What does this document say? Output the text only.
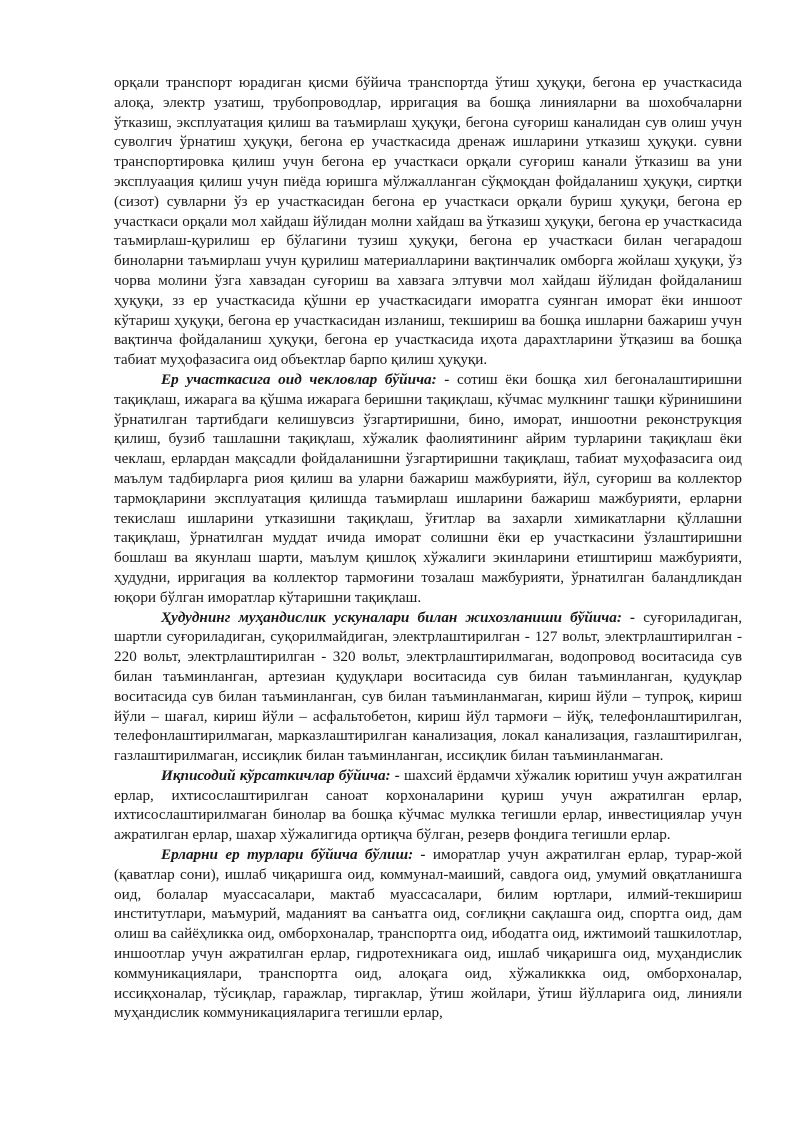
орқали транспорт юрадиган қисми бўйича транспортда ўтиш ҳуқуқи, бегона ер участкасида алоқа, электр узатиш, трубопроводлар, ирригация ва бошқа линияларни ва шохобчаларни ўтказиш, эксплуатация қилиш ва таъмирлаш ҳуқуқи, бегона суғориш каналидан сув олиш учун суволгич ўрнатиш ҳуқуқи, бегона ер участкасида дренаж ишларини утказиш ҳуқуқи. сувни транспортировка қилиш учун бегона ер участкаси орқали суғориш канали ўтказиш ва уни эксплуаация қилиш учун пиёда юришга мўлжалланган сўқмоқдан фойдаланиш ҳуқуқи, сиртқи (сизот) сувларни ўз ер участкасидан бегона ер участкаси орқали буриш ҳуқуқи, бегона ер участкаси орқали мол хайдаш йўлидан молни хайдаш ва ўтказиш ҳуқуқи, бегона ер участкасида таъмирлаш-қурилиш ер бўлагини тузиш ҳуқуқи, бегона ер участкаси билан чегарадош биноларни таъмирлаш учун қурилиш материалларини вақтинчалик омборга жойлаш ҳуқуқи, ўз чорва молини ўзга хавзадан суғориш ва хавзага элтувчи мол хайдаш йўлидан фойдаланиш ҳуқуқи, зз ер участкасида қўшни ер участкасидаги иморатга суянган иморат ёки иншоот кўтариш ҳуқуқи, бегона ер участкасидан изланиш, текшириш ва бошқа ишларни бажариш учун вақтинча фойдаланиш ҳуқуқи, бегона ер участкасида иҳота дарахтларини ўтқазиш ва бошқа табиат муҳофазасига оид объектлар барпо қилиш ҳуқуқи.

Ер участкасига оид чекловлар бўйича: - сотиш ёки бошқа хил бегоналаштиришни тақиқлаш, ижарага ва қўшма ижарага беришни тақиқлаш, кўчмас мулкнинг ташқи кўринишини ўрнатилган тартибдаги келишувсиз ўзгартиришни, бино, иморат, иншоотни реконструкция қилиш, бузиб ташлашни тақиқлаш, хўжалик фаолиятининг айрим турларини тақиқлаш ёки чеклаш, ерлардан мақсадли фойдаланишни ўзгартиришни тақиқлаш, табиат муҳофазасига оид маълум тадбирларга риоя қилиш ва уларни бажариш мажбурияти, йўл, суғориш ва коллектор тармоқларини эксплуатация қилишда таъмирлаш ишларини бажариш мажбурияти, ерларни текислаш ишларини утказишни тақиқлаш, ўғитлар ва захарли химикатларни қўллашни тақиқлаш, ўрнатилган муддат ичида иморат солишни ёки ер участкасини ўзлаштиришни бошлаш ва якунлаш шарти, маълум қишлоқ хўжалиги экинларини етиштириш мажбурияти, ҳудудни, ирригация ва коллектор тармоғини тозалаш мажбурияти, ўрнатилган баландликдан юқори бўлган иморатлар кўтаришни тақиқлаш.

Ҳудуднинг муҳандислик ускуналари билан жихозланиши бўйича: - суғориладиган, шартли суғориладиган, суқорилмайдиган, электрлаштирилган - 127 вольт, электрлаштирилган - 220 вольт, электрлаштирилган - 320 вольт, электрлаштирилмаган, водопровод воситасида сув билан таъминланган, артезиан қудуқлари воситасида сув билан таъминланган, қудуқлар воситасида сув билан таъминланган, сув билан таъминланмаган, кириш йўли – тупроқ, кириш йўли – шағал, кириш йўли – асфальтобетон, кириш йўл тармоғи – йўқ, телефонлаштирилган, телефонлаштирилмаган, марказлаштирилган канализация, локал канализация, газлаштирилган, газлаштирилмаган, иссиқлик билан таъминланган, иссиқлик билан таъминланмаган.

Иқписодий кўрсаткичлар бўйича: - шахсий ёрдамчи хўжалик юритиш учун ажратилган ерлар, ихтисослаштирилган саноат корхоналарини қуриш учун ажратилган ерлар, ихтисослаштирилмаган бинолар ва бошқа кўчмас мулкка тегишли ерлар, инвестициялар учун ажратилган ерлар, шахар хўжалигида ортиқча бўлган, резерв фондига тегишли ерлар.

Ерларни ер турлари бўйича бўлиш: - иморатлар учун ажратилган ерлар, турар-жой (қаватлар сони), ишлаб чиқаришга оид, коммунал-маиший, савдога оид, умумий овқатланишга оид, болалар муассасалари, мактаб муассасалари, билим юртлари, илмий-текшириш институтлари, маъмурий, маданият ва санъатга оид, соғлиқни сақлашга оид, спортга оид, дам олиш ва сайёҳликка оид, омборхоналар, транспортга оид, ибодатга оид, ижтимоий ташкилотлар, иншоотлар учун ажратилган ерлар, гидротехникага оид, ишлаб чиқаришга оид, муҳандислик коммуникациялари, транспортга оид, алоқага оид, хўжаликкка оид, омборхоналар, иссиқхоналар, тўсиқлар, гаражлар, тиргаклар, ўтиш жойлари, ўтиш йўлларига оид, линияли муҳандислик коммуникацияларига тегишли ерлар,
